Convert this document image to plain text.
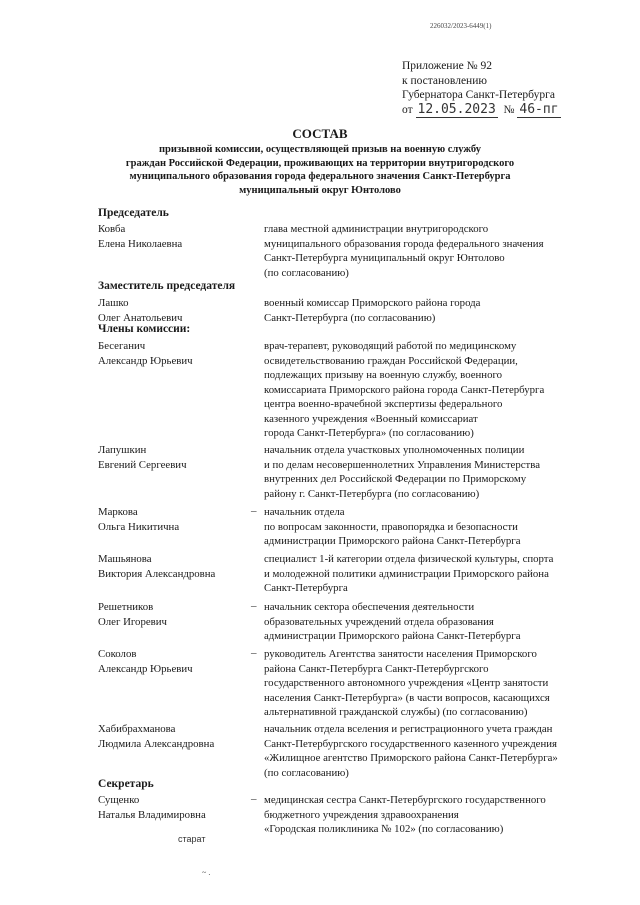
226032/2023-6449(1)
Приложение № 92
к постановлению
Губернатора Санкт-Петербурга
от 12.05.2023 № 46-пг
СОСТАВ
призывной комиссии, осуществляющей призыв на военную службу
граждан Российской Федерации, проживающих на территории внутригородского
муниципального образования города федерального значения Санкт-Петербурга
муниципальный округ Юнтолово
Председатель
Ковба
Елена Николаевна
глава местной администрации внутригородского
муниципального образования города федерального значения
Санкт-Петербурга муниципальный округ Юнтолово
(по согласованию)
Заместитель председателя
Лашко
Олег Анатольевич
военный комиссар Приморского района города
Санкт-Петербурга (по согласованию)
Члены комиссии:
Бесеганич
Александр Юрьевич
врач-терапевт, руководящий работой по медицинскому
освидетельствованию граждан Российской Федерации,
подлежащих призыву на военную службу, военного
комиссариата Приморского района города Санкт-Петербурга
центра военно-врачебной экспертизы федерального
казенного учреждения «Военный комиссариат
города Санкт-Петербурга» (по согласованию)
Лапушкин
Евгений Сергеевич
начальник отдела участковых уполномоченных полиции
и по делам несовершеннолетних Управления Министерства
внутренних дел Российской Федерации по Приморскому
району г. Санкт-Петербурга (по согласованию)
Маркова
Ольга Никитична
– начальник отдела
по вопросам законности, правопорядка и безопасности
администрации Приморского района Санкт-Петербурга
Машьянова
Виктория Александровна
специалист 1-й категории отдела физической культуры, спорта
и молодежной политики администрации Приморского района
Санкт-Петербурга
Решетников
Олег Игоревич
– начальник сектора обеспечения деятельности
образовательных учреждений отдела образования
администрации Приморского района Санкт-Петербурга
Соколов
Александр Юрьевич
– руководитель Агентства занятости населения Приморского
района Санкт-Петербурга Санкт-Петербургского
государственного автономного учреждения «Центр занятости
населения Санкт-Петербурга» (в части вопросов, касающихся
альтернативной гражданской службы) (по согласованию)
Хабибрахманова
Людмила Александровна
начальник отдела вселения и регистрационного учета граждан
Санкт-Петербургского государственного казенного учреждения
«Жилищное агентство Приморского района Санкт-Петербурга»
(по согласованию)
Секретарь
Сущенко
Наталья Владимировна
– медицинская сестра Санкт-Петербургского государственного
бюджетного учреждения здравоохранения
«Городская поликлиника № 102» (по согласованию)
старат
~ .
